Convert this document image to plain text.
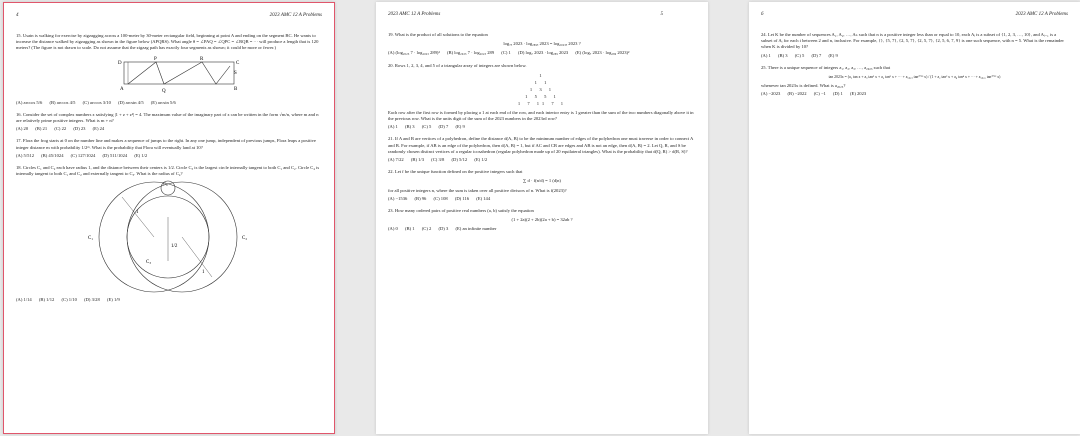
4	2023 AMC 12 A Problems
15. Usain is walking for exercise by zigzagging across a 100-meter by 30-meter rectangular field, beginning at point A and ending on the segment BC. He wants to increase the distance walked by zigzagging as shown in the figure below (APQRS). What angle θ = ∠PAQ = ∠QPC = ∠RQB = ··· will produce a length that is 120 meters? (The figure is not drawn to scale. Do not assume that the zigzag path has exactly four segments as shown; it could be more or fewer.)
D
P	R
C
A	Q
S
B
(A) arccos 5/6 (B) arccos 4/5 (C) arccos 3/10 (D) arcsin 4/5 (E) arcsin 5/6
16. Consider the set of complex numbers z satisfying |1 + z + z²| = 4. The maximum value of the imaginary part of z can be written in the form √m/n, where m and n are relatively prime positive integers. What is m + n?
(A) 20 (B) 21 (C) 22 (D) 23 (E) 24
17. Flora the frog starts at 0 on the number line and makes a sequence of jumps to the right. In any one jump, independent of previous jumps, Flora leaps a positive integer distance m with probability 1/2ᵐ. What is the probability that Flora will eventually land at 10?
(A) 5/512 (B) 45/1024 (C) 127/1024 (D) 511/1024 (E) 1/2
18. Circles C₁ and C₂ each have radius 1, and the distance between their centers is 1/2. Circle C₃ is the largest circle internally tangent to both C₁ and C₂. Circle C₄ is internally tangent to both C₁ and C₂ and externally tangent to C₃. What is the radius of C₄?
C₁	C₂
C₃
C₄
1
1
1/2
(A) 1/14 (B) 1/12 (C) 1/10 (D) 3/28 (E) 1/9
2023 AMC 12 A Problems	5
19. What is the product of all solutions to the equation
log₇ₓ 2023 · log₂₈₉ₓ 2023 = log₂₀₂₃ₓ 2023 ?
(A) (log₂₀₂₃ 7 · log₂₀₂₃ 289)² (B) log₂₀₂₃ 7 · log₂₀₂₃ 289 (C) 1 (D) log₇ 2023 · log₂₈₉ 2023 (E) (log₇ 2023 · log₂₈₉ 2023)²
20. Rows 1, 2, 3, 4, and 5 of a triangular array of integers are shown below.
1
1 1
1 3 1
1 5 5 1
1 7 11 7 1
Each row after the first row is formed by placing a 1 at each end of the row, and each interior entry is 1 greater than the sum of the two numbers diagonally above it in the previous row. What is the units digit of the sum of the 2023 numbers in the 2023rd row?
(A) 1 (B) 3 (C) 5 (D) 7 (E) 9
21. If A and B are vertices of a polyhedron, define the distance d(A, B) to be the minimum number of edges of the polyhedron one must traverse in order to connect A and B. For example, if AB is an edge of the polyhedron, then d(A, B) = 1, but if AC and CB are edges and AB is not an edge, then d(A, B) = 2. Let Q, R, and S be randomly chosen distinct vertices of a regular icosahedron (regular polyhedron made up of 20 equilateral triangles). What is the probability that d(Q, R) > d(R, S)?
(A) 7/22 (B) 1/3 (C) 3/8 (D) 5/12 (E) 1/2
22. Let f be the unique function defined on the positive integers such that
∑ d · f(n/d) = 1 (d|n)
for all positive integers n, where the sum is taken over all positive divisors of n. What is f(2023)?
(A) −1536 (B) 96 (C) 108 (D) 116 (E) 144
23. How many ordered pairs of positive real numbers (a, b) satisfy the equation
(1 + 2a)(2 + 2b)(2a + b) = 32ab ?
(A) 0 (B) 1 (C) 2 (D) 3 (E) an infinite number
6	2023 AMC 12 A Problems
24. Let K be the number of sequences A₁, A₂, …, Aₙ such that n is a positive integer less than or equal to 10, each Aᵢ is a subset of {1, 2, 3, …, 10}, and Aᵢ₋₁ is a subset of Aᵢ for each i between 2 and n, inclusive. For example, {}, {5, 7}, {2, 5, 7}, {2, 5, 7}, {2, 5, 6, 7, 9} is one such sequence, with n = 5. What is the remainder when K is divided by 10?
(A) 1 (B) 3 (C) 5 (D) 7 (E) 9
25. There is a unique sequence of integers a₁, a₂, a₃, …, a₂₀₂₃ such that
tan 2023x = (a₁ tan x + a₃ tan³ x + a₅ tan⁵ x + ··· + a₂₀₂₃ tan²⁰²³ x) / (1 + a₂ tan² x + a₄ tan⁴ x + ··· + a₂₀₂₂ tan²⁰²² x)
whenever tan 2023x is defined. What is a₂₀₂₃?
(A) −2023 (B) −2022 (C) −1 (D) 1 (E) 2023
